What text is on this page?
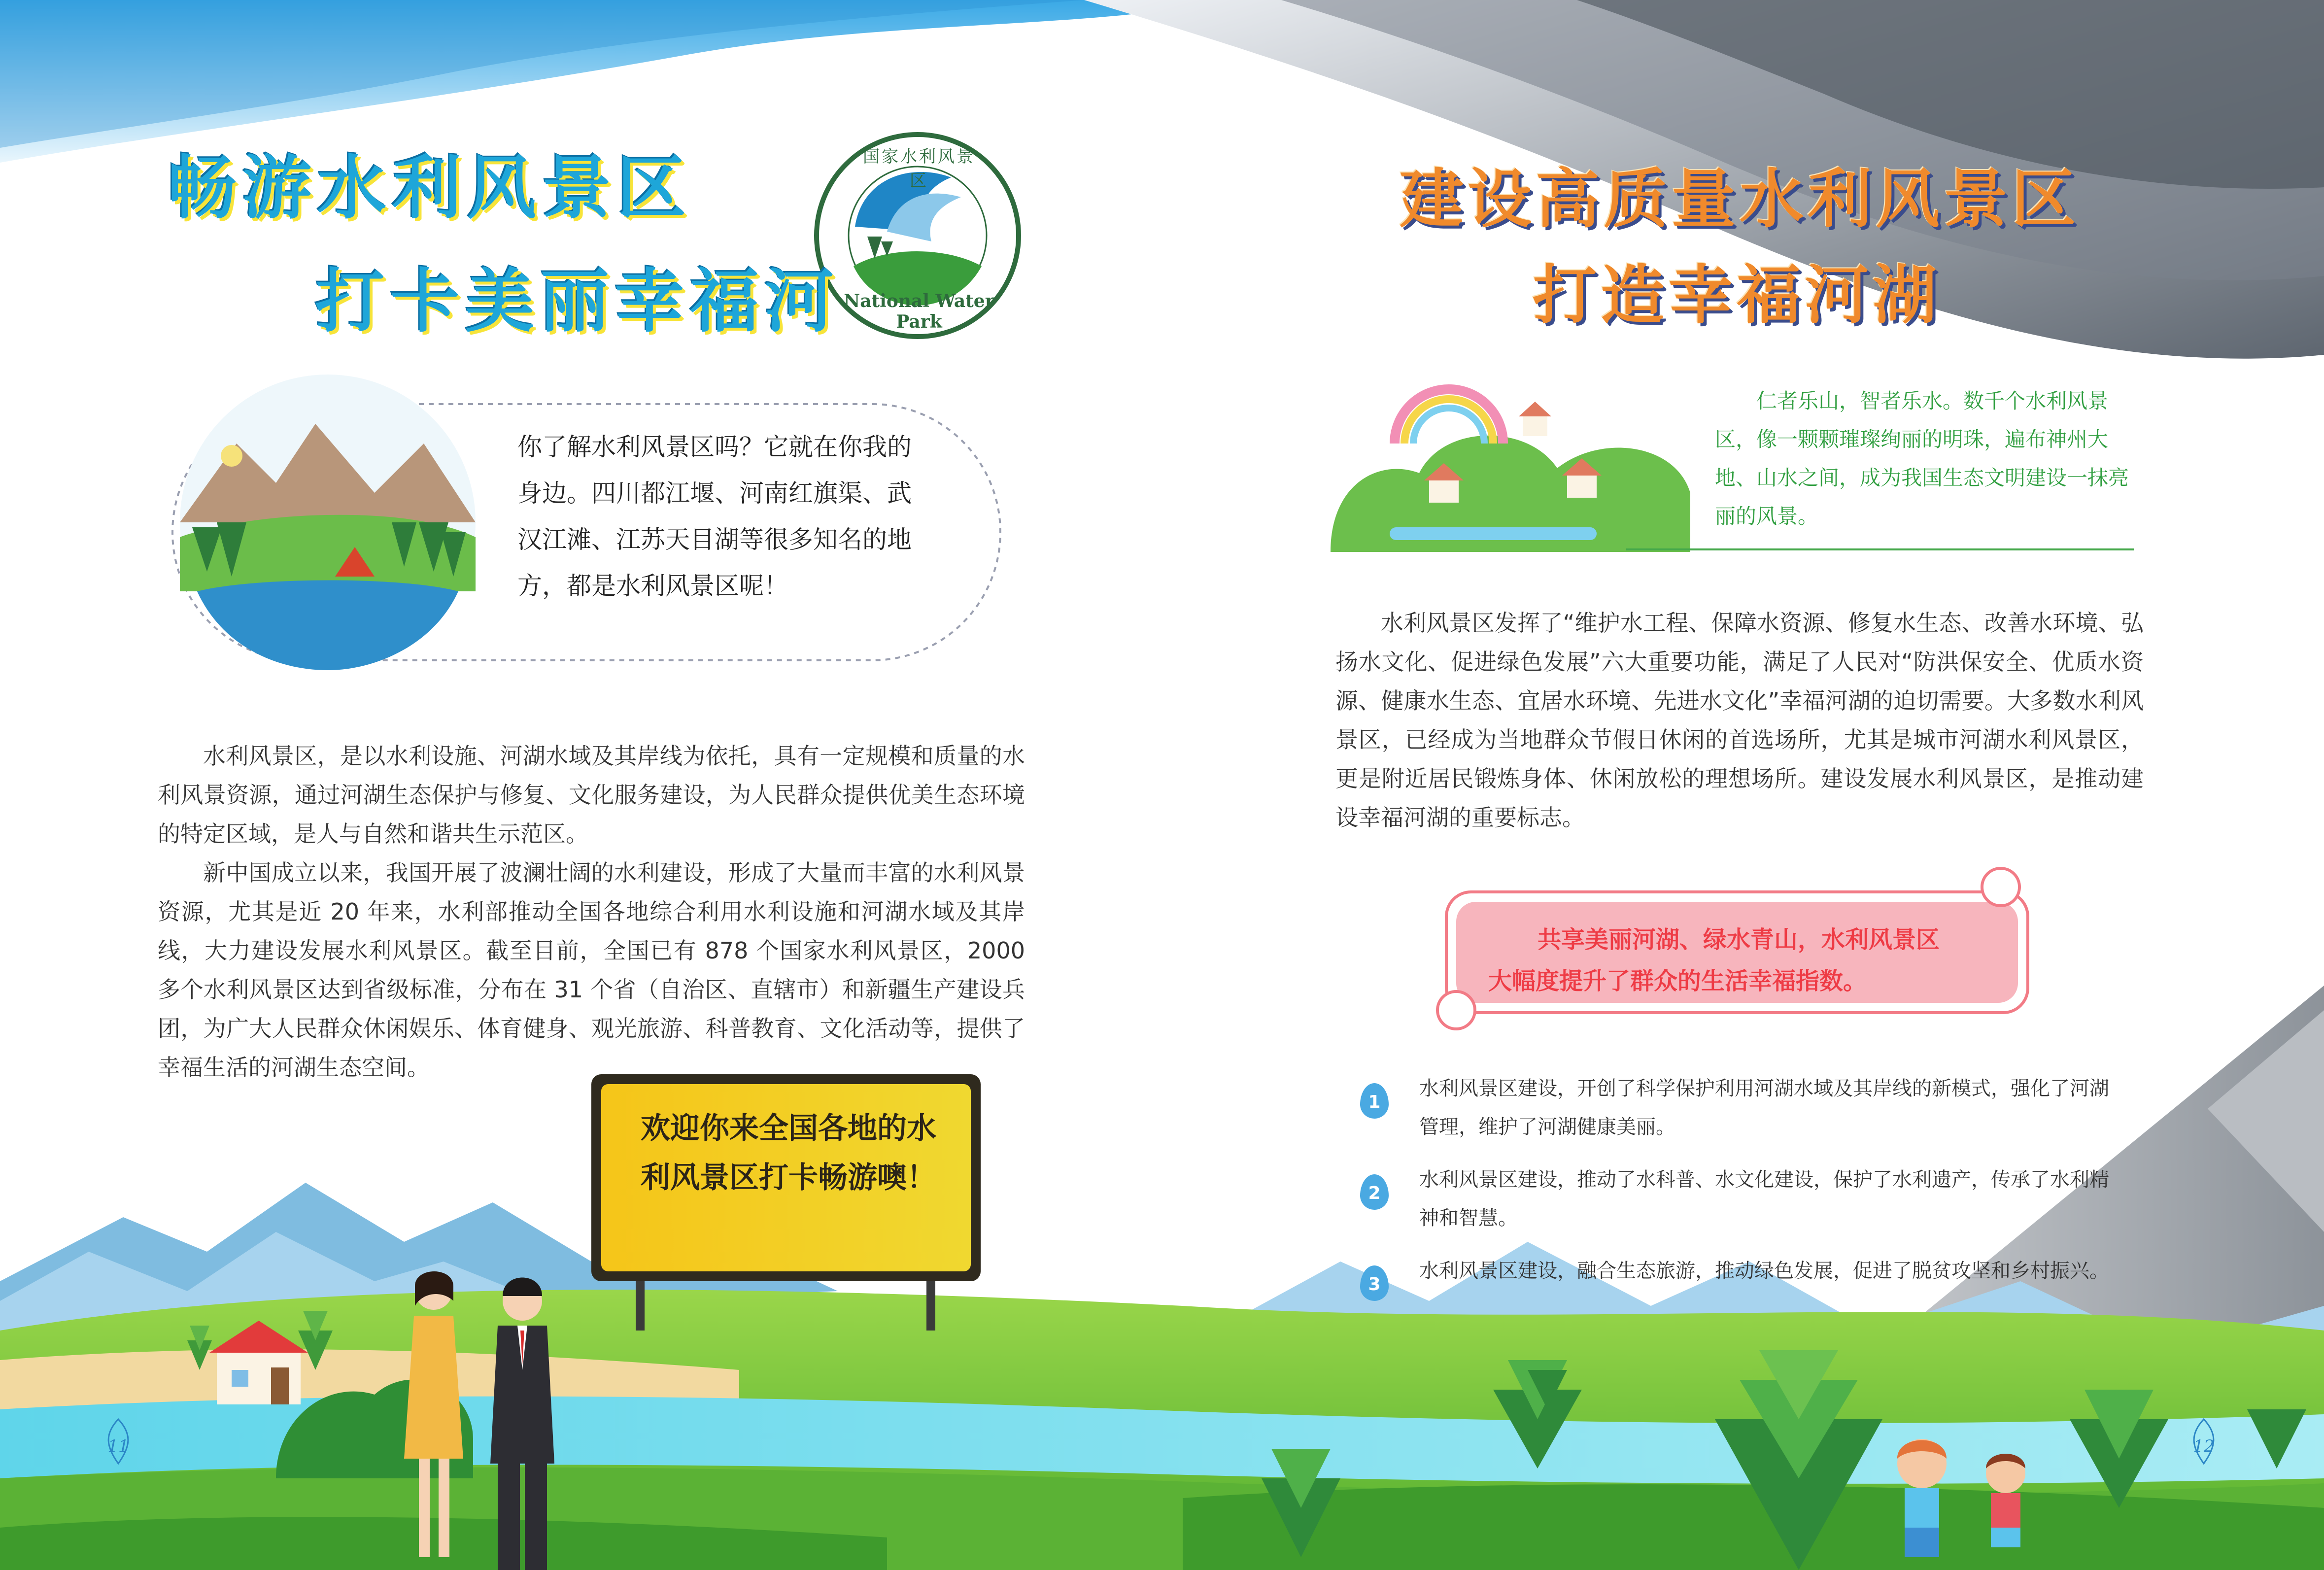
畅游水利风景区
打卡美丽幸福河
国家水利风景区
National Water Park
你了解水利风景区吗？它就在你我的身边。四川都江堰、河南红旗渠、武汉江滩、江苏天目湖等很多知名的地方，都是水利风景区呢！

水利风景区，是以水利设施、河湖水域及其岸线为依托，具有一定规模和质量的水利风景资源，通过河湖生态保护与修复、文化服务建设，为人民群众提供优美生态环境的特定区域，是人与自然和谐共生示范区。

新中国成立以来，我国开展了波澜壮阔的水利建设，形成了大量而丰富的水利风景资源，尤其是近 20 年来，水利部推动全国各地综合利用水利设施和河湖水域及其岸线，大力建设发展水利风景区。截至目前，全国已有 878 个国家水利风景区，2000 多个水利风景区达到省级标准，分布在 31 个省（自治区、直辖市）和新疆生产建设兵团，为广大人民群众休闲娱乐、体育健身、观光旅游、科普教育、文化活动等，提供了幸福生活的河湖生态空间。

欢迎你来全国各地的水利风景区打卡畅游噢！
11	12
建设高质量水利风景区
打造幸福河湖
仁者乐山，智者乐水。数千个水利风景区，像一颗颗璀璨绚丽的明珠，遍布神州大地、山水之间，成为我国生态文明建设一抹亮丽的风景。

水利风景区发挥了“维护水工程、保障水资源、修复水生态、改善水环境、弘扬水文化、促进绿色发展”六大重要功能，满足了人民对“防洪保安全、优质水资源、健康水生态、宜居水环境、先进水文化”幸福河湖的迫切需要。大多数水利风景区，已经成为当地群众节假日休闲的首选场所，尤其是城市河湖水利风景区，更是附近居民锻炼身体、休闲放松的理想场所。建设发展水利风景区，是推动建设幸福河湖的重要标志。

共享美丽河湖、绿水青山，水利风景区
大幅度提升了群众的生活幸福指数。
1
水利风景区建设，开创了科学保护利用河湖水域及其岸线的新模式，强化了河湖管理，维护了河湖健康美丽。
2
水利风景区建设，推动了水科普、水文化建设，保护了水利遗产，传承了水利精神和智慧。
3
水利风景区建设，融合生态旅游，推动绿色发展，促进了脱贫攻坚和乡村振兴。
